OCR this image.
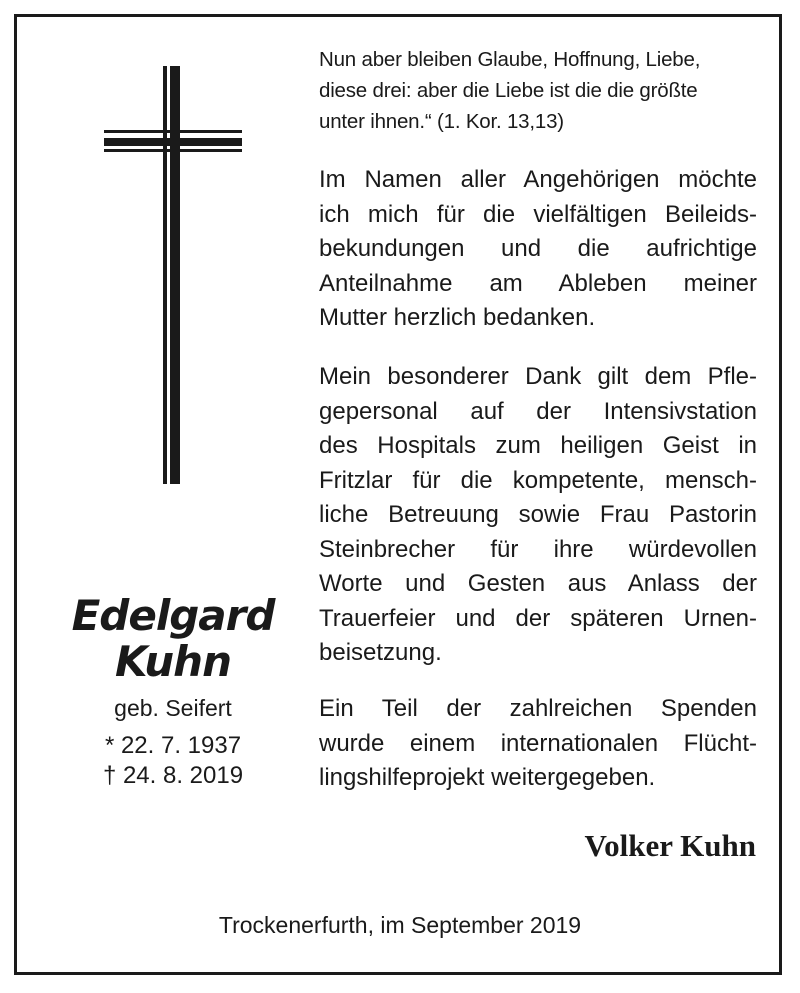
Nun aber bleiben Glaube, Hoffnung, Liebe,
diese drei: aber die Liebe ist die die größte
unter ihnen.“ (1. Kor. 13,13)
Im Namen aller Angehörigen möchte
ich mich für die vielfältigen Beileids-
bekundungen und die aufrichtige
Anteilnahme am Ableben meiner
Mutter herzlich bedanken.
Mein besonderer Dank gilt dem Pfle-
gepersonal auf der Intensivstation
des Hospitals zum heiligen Geist in
Fritzlar für die kompetente, mensch-
liche Betreuung sowie Frau Pastorin
Steinbrecher für ihre würdevollen
Worte und Gesten aus Anlass der
Trauerfeier und der späteren Urnen-
beisetzung.
Ein Teil der zahlreichen Spenden
wurde einem internationalen Flücht-
lingshilfeprojekt weitergegeben.
Edelgard
Kuhn
geb. Seifert
* 22. 7. 1937
† 24. 8. 2019
Volker Kuhn
Trockenerfurth, im September 2019
